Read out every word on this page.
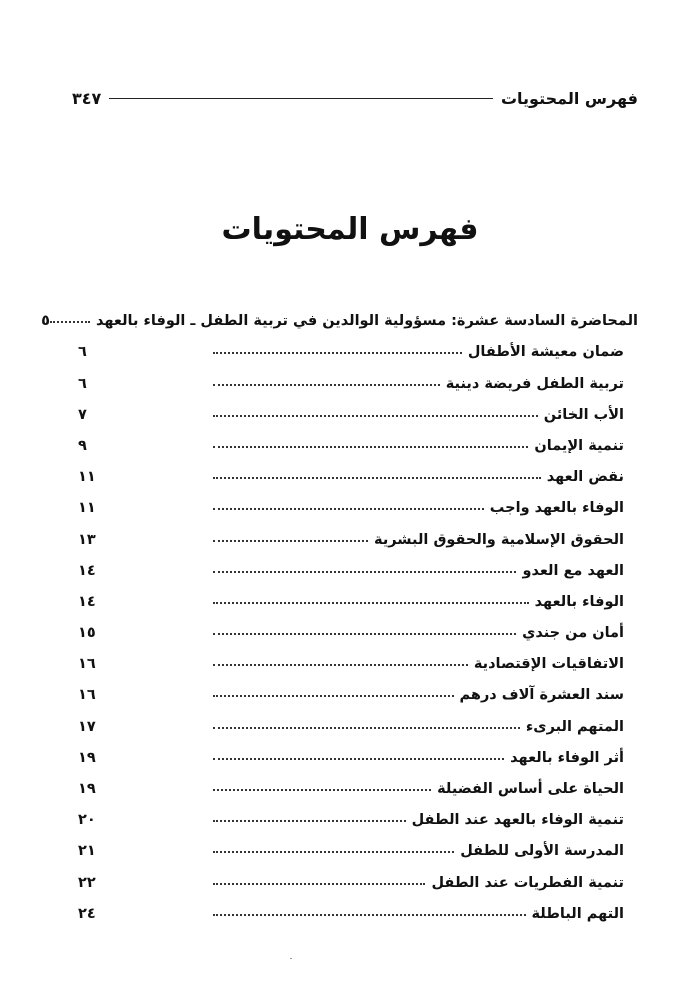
فهرس المحتويات
٣٤٧
فهرس المحتويات
المحاضرة السادسة عشرة: مسؤولية الوالدين في تربية الطفل ـ الوفاء بالعهد
٥
ضمان معيشة الأطفال
٦
تربية الطفل فريضة دينية
٦
الأب الخائن
٧
تنمية الإيمان
٩
نقض العهد
١١
الوفاء بالعهد واجب
١١
الحقوق الإسلامية والحقوق البشرية
١٣
العهد مع العدو
١٤
الوفاء بالعهد
١٤
أمان من جندي
١٥
الاتفاقيات الإقتصادية
١٦
سند العشرة آلاف درهم
١٦
المتهم البرىء
١٧
أثر الوفاء بالعهد
١٩
الحياة على أساس الفضيلة
١٩
تنمية الوفاء بالعهد عند الطفل
٢٠
المدرسة الأولى للطفل
٢١
تنمية الفطريات عند الطفل
٢٢
التهم الباطلة
٢٤
